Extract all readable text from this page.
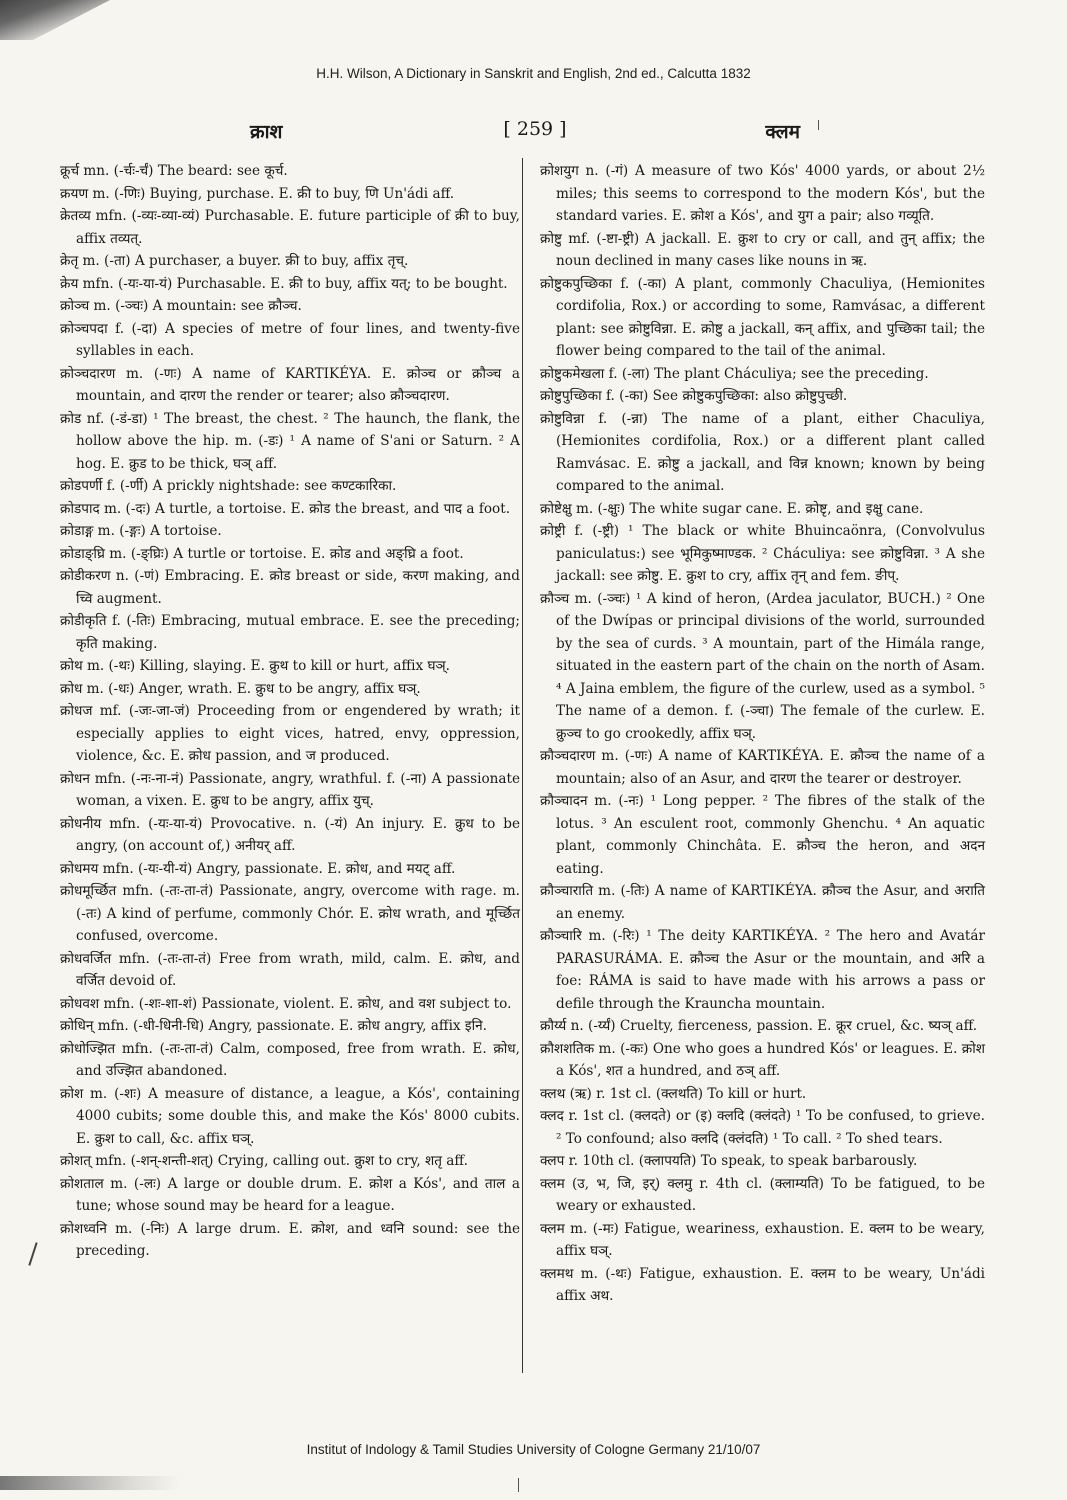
H.H. Wilson, A Dictionary in Sanskrit and English, 2nd ed., Calcutta 1832
क्राश	[ 259 ]	क्लम

क्रूर्च mn. (-र्चः-र्चं) The beard: see कूर्च.

क्रयण m. (-णिः) Buying, purchase. E. क्री to buy, णि Un'ádi aff.

क्रेतव्य mfn. (-व्यः-व्या-व्यं) Purchasable. E. future participle of क्री to buy, affix तव्यत्.

क्रेतृ m. (-ता) A purchaser, a buyer. क्री to buy, affix तृच्.

क्रेय mfn. (-यः-या-यं) Purchasable. E. क्री to buy, affix यत्; to be bought.

क्रोञ्च m. (-ञ्चः) A mountain: see क्रौञ्च.

क्रोञ्चपदा f. (-दा) A species of metre of four lines, and twenty-five syllables in each.

क्रोञ्चदारण m. (-णः) A name of KARTIKÉYA. E. क्रोञ्च or क्रौञ्च a mountain, and दारण the render or tearer; also क्रौञ्चदारण.

क्रोड nf. (-डं-डा) ¹ The breast, the chest. ² The haunch, the flank, the hollow above the hip. m. (-डः) ¹ A name of S'ani or Saturn. ² A hog. E. क्रुड to be thick, घञ् aff.

क्रोडपर्णी f. (-र्णी) A prickly nightshade: see कण्टकारिका.

क्रोडपाद m. (-दः) A turtle, a tortoise. E. क्रोड the breast, and पाद a foot.

क्रोडाङ्ग m. (-ङ्गः) A tortoise.

क्रोडाङ्घ्रि m. (-ङ्घ्रिः) A turtle or tortoise. E. क्रोड and अङ्घ्रि a foot.

क्रोडीकरण n. (-णं) Embracing. E. क्रोड breast or side, करण making, and च्वि augment.

क्रोडीकृति f. (-तिः) Embracing, mutual embrace. E. see the preceding; कृति making.

क्रोथ m. (-थः) Killing, slaying. E. क्रुथ to kill or hurt, affix घञ्.

क्रोध m. (-धः) Anger, wrath. E. क्रुध to be angry, affix घञ्.

क्रोधज mf. (-जः-जा-जं) Proceeding from or engendered by wrath; it especially applies to eight vices, hatred, envy, oppression, violence, &c. E. क्रोध passion, and ज produced.

क्रोधन mfn. (-नः-ना-नं) Passionate, angry, wrathful. f. (-ना) A passionate woman, a vixen. E. क्रुध to be angry, affix युच्.

क्रोधनीय mfn. (-यः-या-यं) Provocative. n. (-यं) An injury. E. क्रुध to be angry, (on account of,) अनीयर् aff.

क्रोधमय mfn. (-यः-यी-यं) Angry, passionate. E. क्रोध, and मयट् aff.

क्रोधमूर्च्छित mfn. (-तः-ता-तं) Passionate, angry, overcome with rage. m. (-तः) A kind of perfume, commonly Chór. E. क्रोध wrath, and मूर्च्छित confused, overcome.

क्रोधवर्जित mfn. (-तः-ता-तं) Free from wrath, mild, calm. E. क्रोध, and वर्जित devoid of.

क्रोधवश mfn. (-शः-शा-शं) Passionate, violent. E. क्रोध, and वश subject to.

क्रोधिन् mfn. (-धी-धिनी-धि) Angry, passionate. E. क्रोध angry, affix इनि.

क्रोधोज्झित mfn. (-तः-ता-तं) Calm, composed, free from wrath. E. क्रोध, and उज्झित abandoned.

क्रोश m. (-शः) A measure of distance, a league, a Kós', containing 4000 cubits; some double this, and make the Kós' 8000 cubits. E. क्रुश to call, &c. affix घञ्.

क्रोशत् mfn. (-शन्-शन्ती-शत्) Crying, calling out. क्रुश to cry, शतृ aff.

क्रोशताल m. (-लः) A large or double drum. E. क्रोश a Kós', and ताल a tune; whose sound may be heard for a league.

क्रोशध्वनि m. (-निः) A large drum. E. क्रोश, and ध्वनि sound: see the preceding.

क्रोशयुग n. (-गं) A measure of two Kós' 4000 yards, or about 2½ miles; this seems to correspond to the modern Kós', but the standard varies. E. क्रोश a Kós', and युग a pair; also गव्यूति.

क्रोष्टु mf. (-ष्टा-ष्ट्री) A jackall. E. क्रुश to cry or call, and तुन् affix; the noun declined in many cases like nouns in ऋ.

क्रोष्टुकपुच्छिका f. (-का) A plant, commonly Chaculiya, (Hemionites cordifolia, Rox.) or according to some, Ramvásac, a different plant: see क्रोष्टुविन्ना. E. क्रोष्टु a jackall, कन् affix, and पुच्छिका tail; the flower being compared to the tail of the animal.

क्रोष्टुकमेखला f. (-ला) The plant Cháculiya; see the preceding.

क्रोष्टुपुच्छिका f. (-का) See क्रोष्टुकपुच्छिका: also क्रोष्टुपुच्छी.

क्रोष्टुविन्ना f. (-न्ना) The name of a plant, either Chaculiya, (Hemionites cordifolia, Rox.) or a different plant called Ramvásac. E. क्रोष्टु a jackall, and विन्न known; known by being compared to the animal.

क्रोष्टेक्षु m. (-क्षुः) The white sugar cane. E. क्रोष्टृ, and इक्षु cane.

क्रोष्ट्री f. (-ष्ट्री) ¹ The black or white Bhuincaönra, (Convolvulus paniculatus:) see भूमिकुष्माण्डक. ² Cháculiya: see क्रोष्टुविन्ना. ³ A she jackall: see क्रोष्टु. E. क्रुश to cry, affix तृन् and fem. ङीप्.

क्रौञ्च m. (-ञ्चः) ¹ A kind of heron, (Ardea jaculator, BUCH.) ² One of the Dwípas or principal divisions of the world, surrounded by the sea of curds. ³ A mountain, part of the Himála range, situated in the eastern part of the chain on the north of Asam. ⁴ A Jaina emblem, the figure of the curlew, used as a symbol. ⁵ The name of a demon. f. (-ञ्चा) The female of the curlew. E. क्रुञ्च to go crookedly, affix घञ्.

क्रौञ्चदारण m. (-णः) A name of KARTIKÉYA. E. क्रौञ्च the name of a mountain; also of an Asur, and दारण the tearer or destroyer.

क्रौञ्चादन m. (-नः) ¹ Long pepper. ² The fibres of the stalk of the lotus. ³ An esculent root, commonly Ghenchu. ⁴ An aquatic plant, commonly Chinchâta. E. क्रौञ्च the heron, and अदन eating.

क्रौञ्चाराति m. (-तिः) A name of KARTIKÉYA. क्रौञ्च the Asur, and अराति an enemy.

क्रौञ्चारि m. (-रिः) ¹ The deity KARTIKÉYA. ² The hero and Avatár PARASURÁMA. E. क्रौञ्च the Asur or the mountain, and अरि a foe: RÁMA is said to have made with his arrows a pass or defile through the Krauncha mountain.

क्रौर्य्य n. (-र्य्यं) Cruelty, fierceness, passion. E. क्रूर cruel, &c. ष्यञ् aff.

क्रौशशतिक m. (-कः) One who goes a hundred Kós' or leagues. E. क्रोश a Kós', शत a hundred, and ठञ् aff.

क्लथ (ऋ) r. 1st cl. (क्लथति) To kill or hurt.

क्लद r. 1st cl. (क्लदते) or (इ) क्लदि (क्लंदते) ¹ To be confused, to grieve. ² To confound; also क्लदि (क्लंदति) ¹ To call. ² To shed tears.

क्लप r. 10th cl. (क्लापयति) To speak, to speak barbarously.

क्लम (उ, भ, जि, इर्) क्लमु r. 4th cl. (क्लाम्यति) To be fatigued, to be weary or exhausted.

क्लम m. (-मः) Fatigue, weariness, exhaustion. E. क्लम to be weary, affix घञ्.

क्लमथ m. (-थः) Fatigue, exhaustion. E. क्लम to be weary, Un'ádi affix अथ.

Institut of Indology & Tamil Studies University of Cologne Germany 21/10/07
